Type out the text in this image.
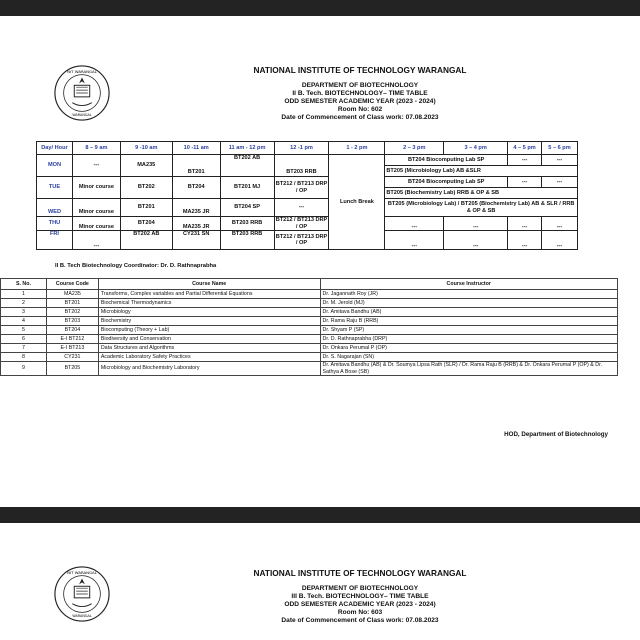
NIT WARANGAL
WARANGAL
NATIONAL INSTITUTE OF TECHNOLOGY WARANGAL
DEPARTMENT OF BIOTECHNOLOGY
II B. Tech. BIOTECHNOLOGY– TIME TABLE
ODD SEMESTER ACADEMIC YEAR (2023 - 2024)
Room No: 602
Date of Commencement of Class work: 07.08.2023
Day/ Hour	8 – 9 am	9 -10 am	10 -11 am	11 am - 12 pm	12 -1 pm	1 - 2 pm	2 – 3 pm	3 – 4 pm	4 – 5 pm	5 – 6 pm
MON	---	MA235	BT201	BT202 AB	BT203 RRB	Lunch Break	BT204 Biocomputing Lab SP		---	---
							BT205 (Microbiology Lab) AB &SLR			
TUE	Minor course	BT202	BT204	BT201 MJ	BT212 / BT213 DRP / OP		BT204 Biocomputing Lab SP		---	---
							BT205 (Biochemistry Lab) RRB & OP & SB			
WED	Minor course	BT201	MA235 JR	BT204 SP	---		BT205 (Microbiology Lab) / BT205 (Biochemistry Lab) AB & SLR / RRB & OP & SB			

THU	Minor course	BT204	MA235 JR	BT203 RRB	BT212 / BT213 DRP / OP		---	---	---	---

FRI	---	BT202 AB	CY231 SN	BT203 RRB	BT212 / BT213 DRP / OP		---	---	---	---

II B. Tech Biotechnology Coordinator: Dr. D. Rathnaprabha
S. No.	Course Code	Course Name	Course Instructor
1	MA235	Transforms, Complex variables and Partial Differential Equations	Dr. Jagannath Roy (JR)
2	BT201	Biochemical Thermodynamics	Dr. M. Jerold (MJ)
3	BT202	Microbiology	Dr. Amitava Bandhu (AB)
4	BT203	Biochemistry	Dr. Rama Raju B (RRB)
5	BT204	Biocomputing (Theory + Lab)	Dr. Shyam P (SP)
6	E-I BT212	Biodiversity and Conservation	Dr. D. Rathnaprabha (DRP)
7	E-I BT213	Data Structures and Algorithms	Dr. Onkara Perumal P (OP)
8	CY231	Academic Laboratory Safety Practices	Dr. S. Nagarajan (SN)
9	BT205	Microbiology and Biochemistry Laboratory	Dr. Amitava Bandhu (AB) & Dr. Soumya Lipsa Rath (SLR) / Dr. Rama Raju B (RRB) & Dr. Onkara Perumal P (OP) & Dr. Sathya A Bose (SB)
HOD, Department of Biotechnology
NIT WARANGAL
WARANGAL
NATIONAL INSTITUTE OF TECHNOLOGY WARANGAL
DEPARTMENT OF BIOTECHNOLOGY
III B. Tech. BIOTECHNOLOGY– TIME TABLE
ODD SEMESTER ACADEMIC YEAR (2023 - 2024)
Room No: 603
Date of Commencement of Class work: 07.08.2023
